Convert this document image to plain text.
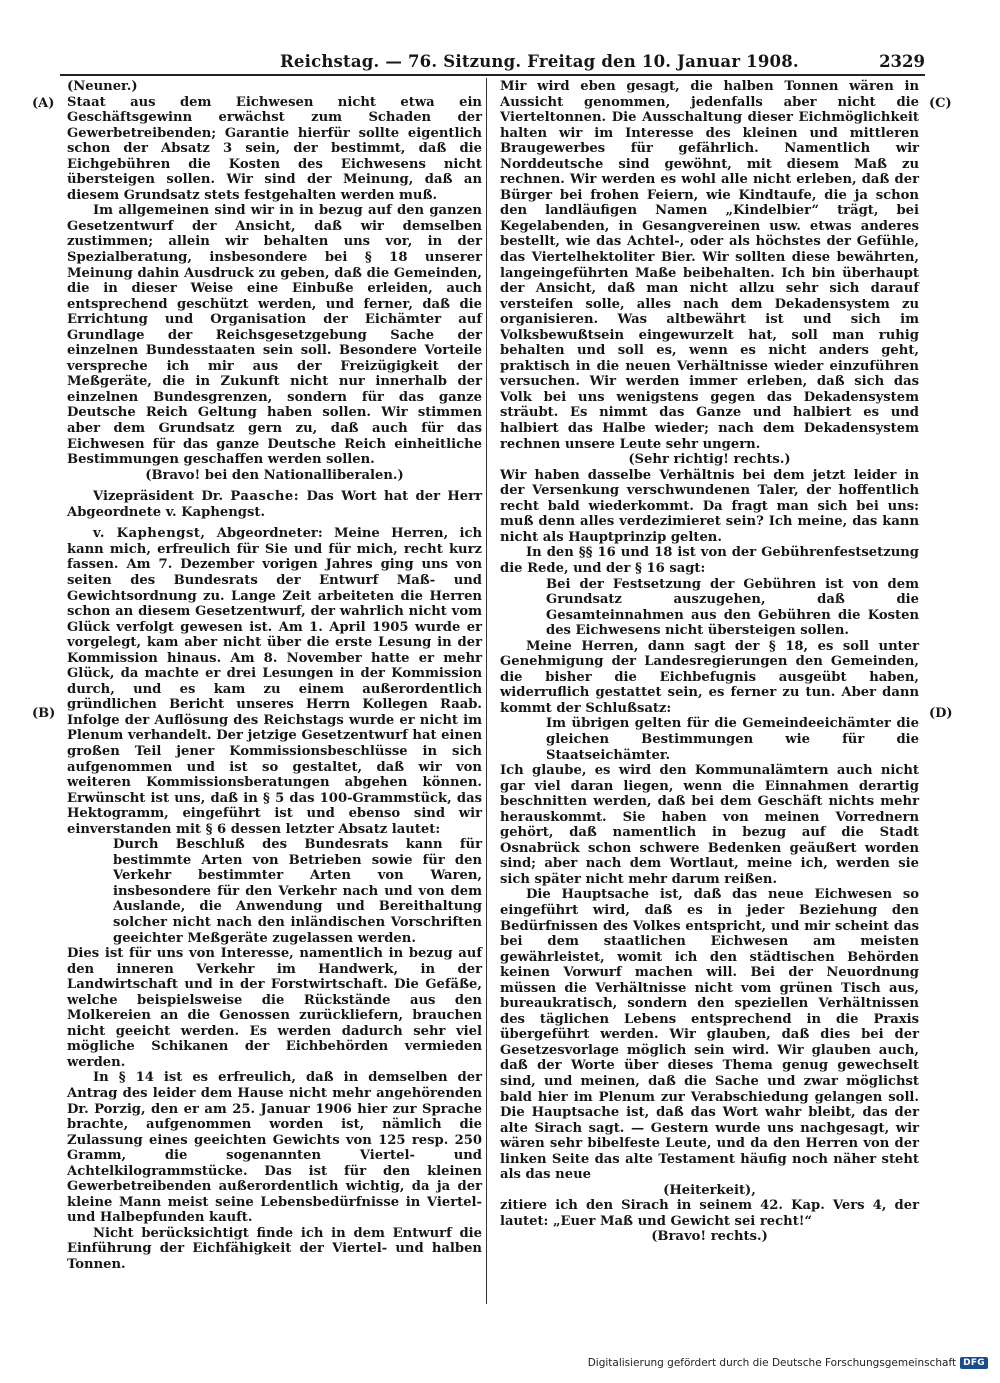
Reichstag. — 76. Sitzung. Freitag den 10. Januar 1908.	2329
(A)
(B)
(C)
(D)

(Neuner.)

Staat aus dem Eichwesen nicht etwa ein Geschäftsgewinn erwächst zum Schaden der Gewerbetreibenden; Garantie hierfür sollte eigentlich schon der Absatz 3 sein, der bestimmt, daß die Eichgebühren die Kosten des Eichwesens nicht übersteigen sollen. Wir sind der Meinung, daß an diesem Grundsatz stets festgehalten werden muß.

Im allgemeinen sind wir in in bezug auf den ganzen Gesetzentwurf der Ansicht, daß wir demselben zustimmen; allein wir behalten uns vor, in der Spezialberatung, insbesondere bei § 18 unserer Meinung dahin Ausdruck zu geben, daß die Gemeinden, die in dieser Weise eine Einbuße erleiden, auch entsprechend geschützt werden, und ferner, daß die Errichtung und Organisation der Eichämter auf Grundlage der Reichsgesetzgebung Sache der einzelnen Bundesstaaten sein soll. Besondere Vorteile verspreche ich mir aus der Freizügigkeit der Meßgeräte, die in Zukunft nicht nur innerhalb der einzelnen Bundesgrenzen, sondern für das ganze Deutsche Reich Geltung haben sollen. Wir stimmen aber dem Grundsatz gern zu, daß auch für das Eichwesen für das ganze Deutsche Reich einheitliche Bestimmungen geschaffen werden sollen.

(Bravo! bei den Nationalliberalen.)

Vizepräsident Dr. Paasche: Das Wort hat der Herr Abgeordnete v. Kaphengst.

v. Kaphengst, Abgeordneter: Meine Herren, ich kann mich, erfreulich für Sie und für mich, recht kurz fassen. Am 7. Dezember vorigen Jahres ging uns von seiten des Bundesrats der Entwurf Maß- und Gewichtsordnung zu. Lange Zeit arbeiteten die Herren schon an diesem Gesetzentwurf, der wahrlich nicht vom Glück verfolgt gewesen ist. Am 1. April 1905 wurde er vorgelegt, kam aber nicht über die erste Lesung in der Kommission hinaus. Am 8. November hatte er mehr Glück, da machte er drei Lesungen in der Kommission durch, und es kam zu einem außerordentlich gründlichen Bericht unseres Herrn Kollegen Raab. Infolge der Auflösung des Reichstags wurde er nicht im Plenum verhandelt. Der jetzige Gesetzentwurf hat einen großen Teil jener Kommissionsbeschlüsse in sich aufgenommen und ist so gestaltet, daß wir von weiteren Kommissionsberatungen abgehen können. Erwünscht ist uns, daß in § 5 das 100-Grammstück, das Hektogramm, eingeführt ist und ebenso sind wir einverstanden mit § 6 dessen letzter Absatz lautet:

Durch Beschluß des Bundesrats kann für bestimmte Arten von Betrieben sowie für den Verkehr bestimmter Arten von Waren, insbesondere für den Verkehr nach und von dem Auslande, die Anwendung und Bereithaltung solcher nicht nach den inländischen Vorschriften geeichter Meßgeräte zugelassen werden.

Dies ist für uns von Interesse, namentlich in bezug auf den inneren Verkehr im Handwerk, in der Landwirtschaft und in der Forstwirtschaft. Die Gefäße, welche beispielsweise die Rückstände aus den Molkereien an die Genossen zurückliefern, brauchen nicht geeicht werden. Es werden dadurch sehr viel mögliche Schikanen der Eichbehörden vermieden werden.

In § 14 ist es erfreulich, daß in demselben der Antrag des leider dem Hause nicht mehr angehörenden Dr. Porzig, den er am 25. Januar 1906 hier zur Sprache brachte, aufgenommen worden ist, nämlich die Zulassung eines geeichten Gewichts von 125 resp. 250 Gramm, die sogenannten Viertel- und Achtelkilogrammstücke. Das ist für den kleinen Gewerbetreibenden außerordentlich wichtig, da ja der kleine Mann meist seine Lebensbedürfnisse in Viertel- und Halbepfunden kauft.

Nicht berücksichtigt finde ich in dem Entwurf die Einführung der Eichfähigkeit der Viertel- und halben Tonnen.

Mir wird eben gesagt, die halben Tonnen wären in Aussicht genommen, jedenfalls aber nicht die Vierteltonnen. Die Ausschaltung dieser Eichmöglichkeit halten wir im Interesse des kleinen und mittleren Braugewerbes für gefährlich. Namentlich wir Norddeutsche sind gewöhnt, mit diesem Maß zu rechnen. Wir werden es wohl alle nicht erleben, daß der Bürger bei frohen Feiern, wie Kindtaufe, die ja schon den landläufigen Namen „Kindelbier“ trägt, bei Kegelabenden, in Gesangvereinen usw. etwas anderes bestellt, wie das Achtel-, oder als höchstes der Gefühle, das Viertelhektoliter Bier. Wir sollten diese bewährten, langeingeführten Maße beibehalten. Ich bin überhaupt der Ansicht, daß man nicht allzu sehr sich darauf versteifen solle, alles nach dem Dekadensystem zu organisieren. Was altbewährt ist und sich im Volksbewußtsein eingewurzelt hat, soll man ruhig behalten und soll es, wenn es nicht anders geht, praktisch in die neuen Verhältnisse wieder einzuführen versuchen. Wir werden immer erleben, daß sich das Volk bei uns wenigstens gegen das Dekadensystem sträubt. Es nimmt das Ganze und halbiert es und halbiert das Halbe wieder; nach dem Dekadensystem rechnen unsere Leute sehr ungern.

(Sehr richtig! rechts.)

Wir haben dasselbe Verhältnis bei dem jetzt leider in der Versenkung verschwundenen Taler, der hoffentlich recht bald wiederkommt. Da fragt man sich bei uns: muß denn alles verdezimieret sein? Ich meine, das kann nicht als Hauptprinzip gelten.

In den §§ 16 und 18 ist von der Gebührenfestsetzung die Rede, und der § 16 sagt:

Bei der Festsetzung der Gebühren ist von dem Grundsatz auszugehen, daß die Gesamteinnahmen aus den Gebühren die Kosten des Eichwesens nicht übersteigen sollen.

Meine Herren, dann sagt der § 18, es soll unter Genehmigung der Landesregierungen den Gemeinden, die bisher die Eichbefugnis ausgeübt haben, widerruflich gestattet sein, es ferner zu tun. Aber dann kommt der Schlußsatz:

Im übrigen gelten für die Gemeindeeichämter die gleichen Bestimmungen wie für die Staatseichämter.

Ich glaube, es wird den Kommunalämtern auch nicht gar viel daran liegen, wenn die Einnahmen derartig beschnitten werden, daß bei dem Geschäft nichts mehr herauskommt. Sie haben von meinen Vorrednern gehört, daß namentlich in bezug auf die Stadt Osnabrück schon schwere Bedenken geäußert worden sind; aber nach dem Wortlaut, meine ich, werden sie sich später nicht mehr darum reißen.

Die Hauptsache ist, daß das neue Eichwesen so eingeführt wird, daß es in jeder Beziehung den Bedürfnissen des Volkes entspricht, und mir scheint das bei dem staatlichen Eichwesen am meisten gewährleistet, womit ich den städtischen Behörden keinen Vorwurf machen will. Bei der Neuordnung müssen die Verhältnisse nicht vom grünen Tisch aus, bureaukratisch, sondern den speziellen Verhältnissen des täglichen Lebens entsprechend in die Praxis übergeführt werden. Wir glauben, daß dies bei der Gesetzesvorlage möglich sein wird. Wir glauben auch, daß der Worte über dieses Thema genug gewechselt sind, und meinen, daß die Sache und zwar möglichst bald hier im Plenum zur Verabschiedung gelangen soll. Die Hauptsache ist, daß das Wort wahr bleibt, das der alte Sirach sagt. — Gestern wurde uns nachgesagt, wir wären sehr bibelfeste Leute, und da den Herren von der linken Seite das alte Testament häufig noch näher steht als das neue

(Heiterkeit),

zitiere ich den Sirach in seinem 42. Kap. Vers 4, der lautet: „Euer Maß und Gewicht sei recht!“

(Bravo! rechts.)

Digitalisierung gefördert durch die Deutsche Forschungsgemeinschaft DFG
